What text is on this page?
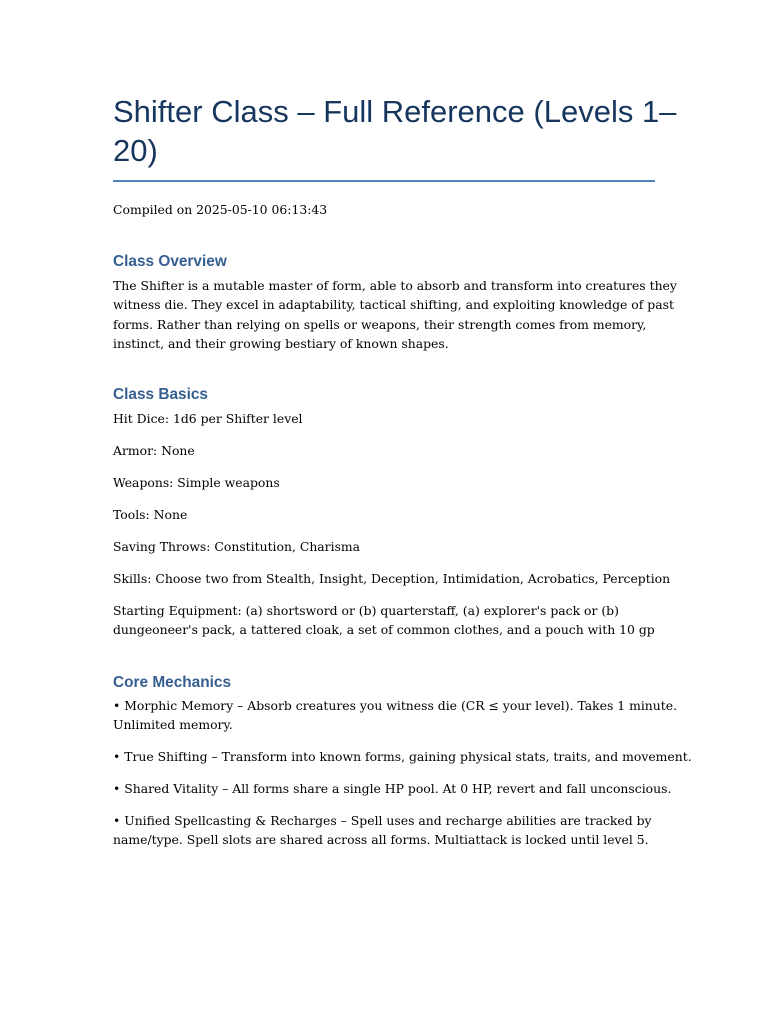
Shifter Class – Full Reference (Levels 1–
20)
Compiled on 2025-05-10 06:13:43
Class Overview
The Shifter is a mutable master of form, able to absorb and transform into creatures they
witness die. They excel in adaptability, tactical shifting, and exploiting knowledge of past
forms. Rather than relying on spells or weapons, their strength comes from memory,
instinct, and their growing bestiary of known shapes.
Class Basics
Hit Dice: 1d6 per Shifter level
Armor: None
Weapons: Simple weapons
Tools: None
Saving Throws: Constitution, Charisma
Skills: Choose two from Stealth, Insight, Deception, Intimidation, Acrobatics, Perception
Starting Equipment: (a) shortsword or (b) quarterstaff, (a) explorer's pack or (b)
dungeoneer's pack, a tattered cloak, a set of common clothes, and a pouch with 10 gp
Core Mechanics
• Morphic Memory – Absorb creatures you witness die (CR ≤ your level). Takes 1 minute.
Unlimited memory.
• True Shifting – Transform into known forms, gaining physical stats, traits, and movement.
• Shared Vitality – All forms share a single HP pool. At 0 HP, revert and fall unconscious.
• Unified Spellcasting & Recharges – Spell uses and recharge abilities are tracked by
name/type. Spell slots are shared across all forms. Multiattack is locked until level 5.
